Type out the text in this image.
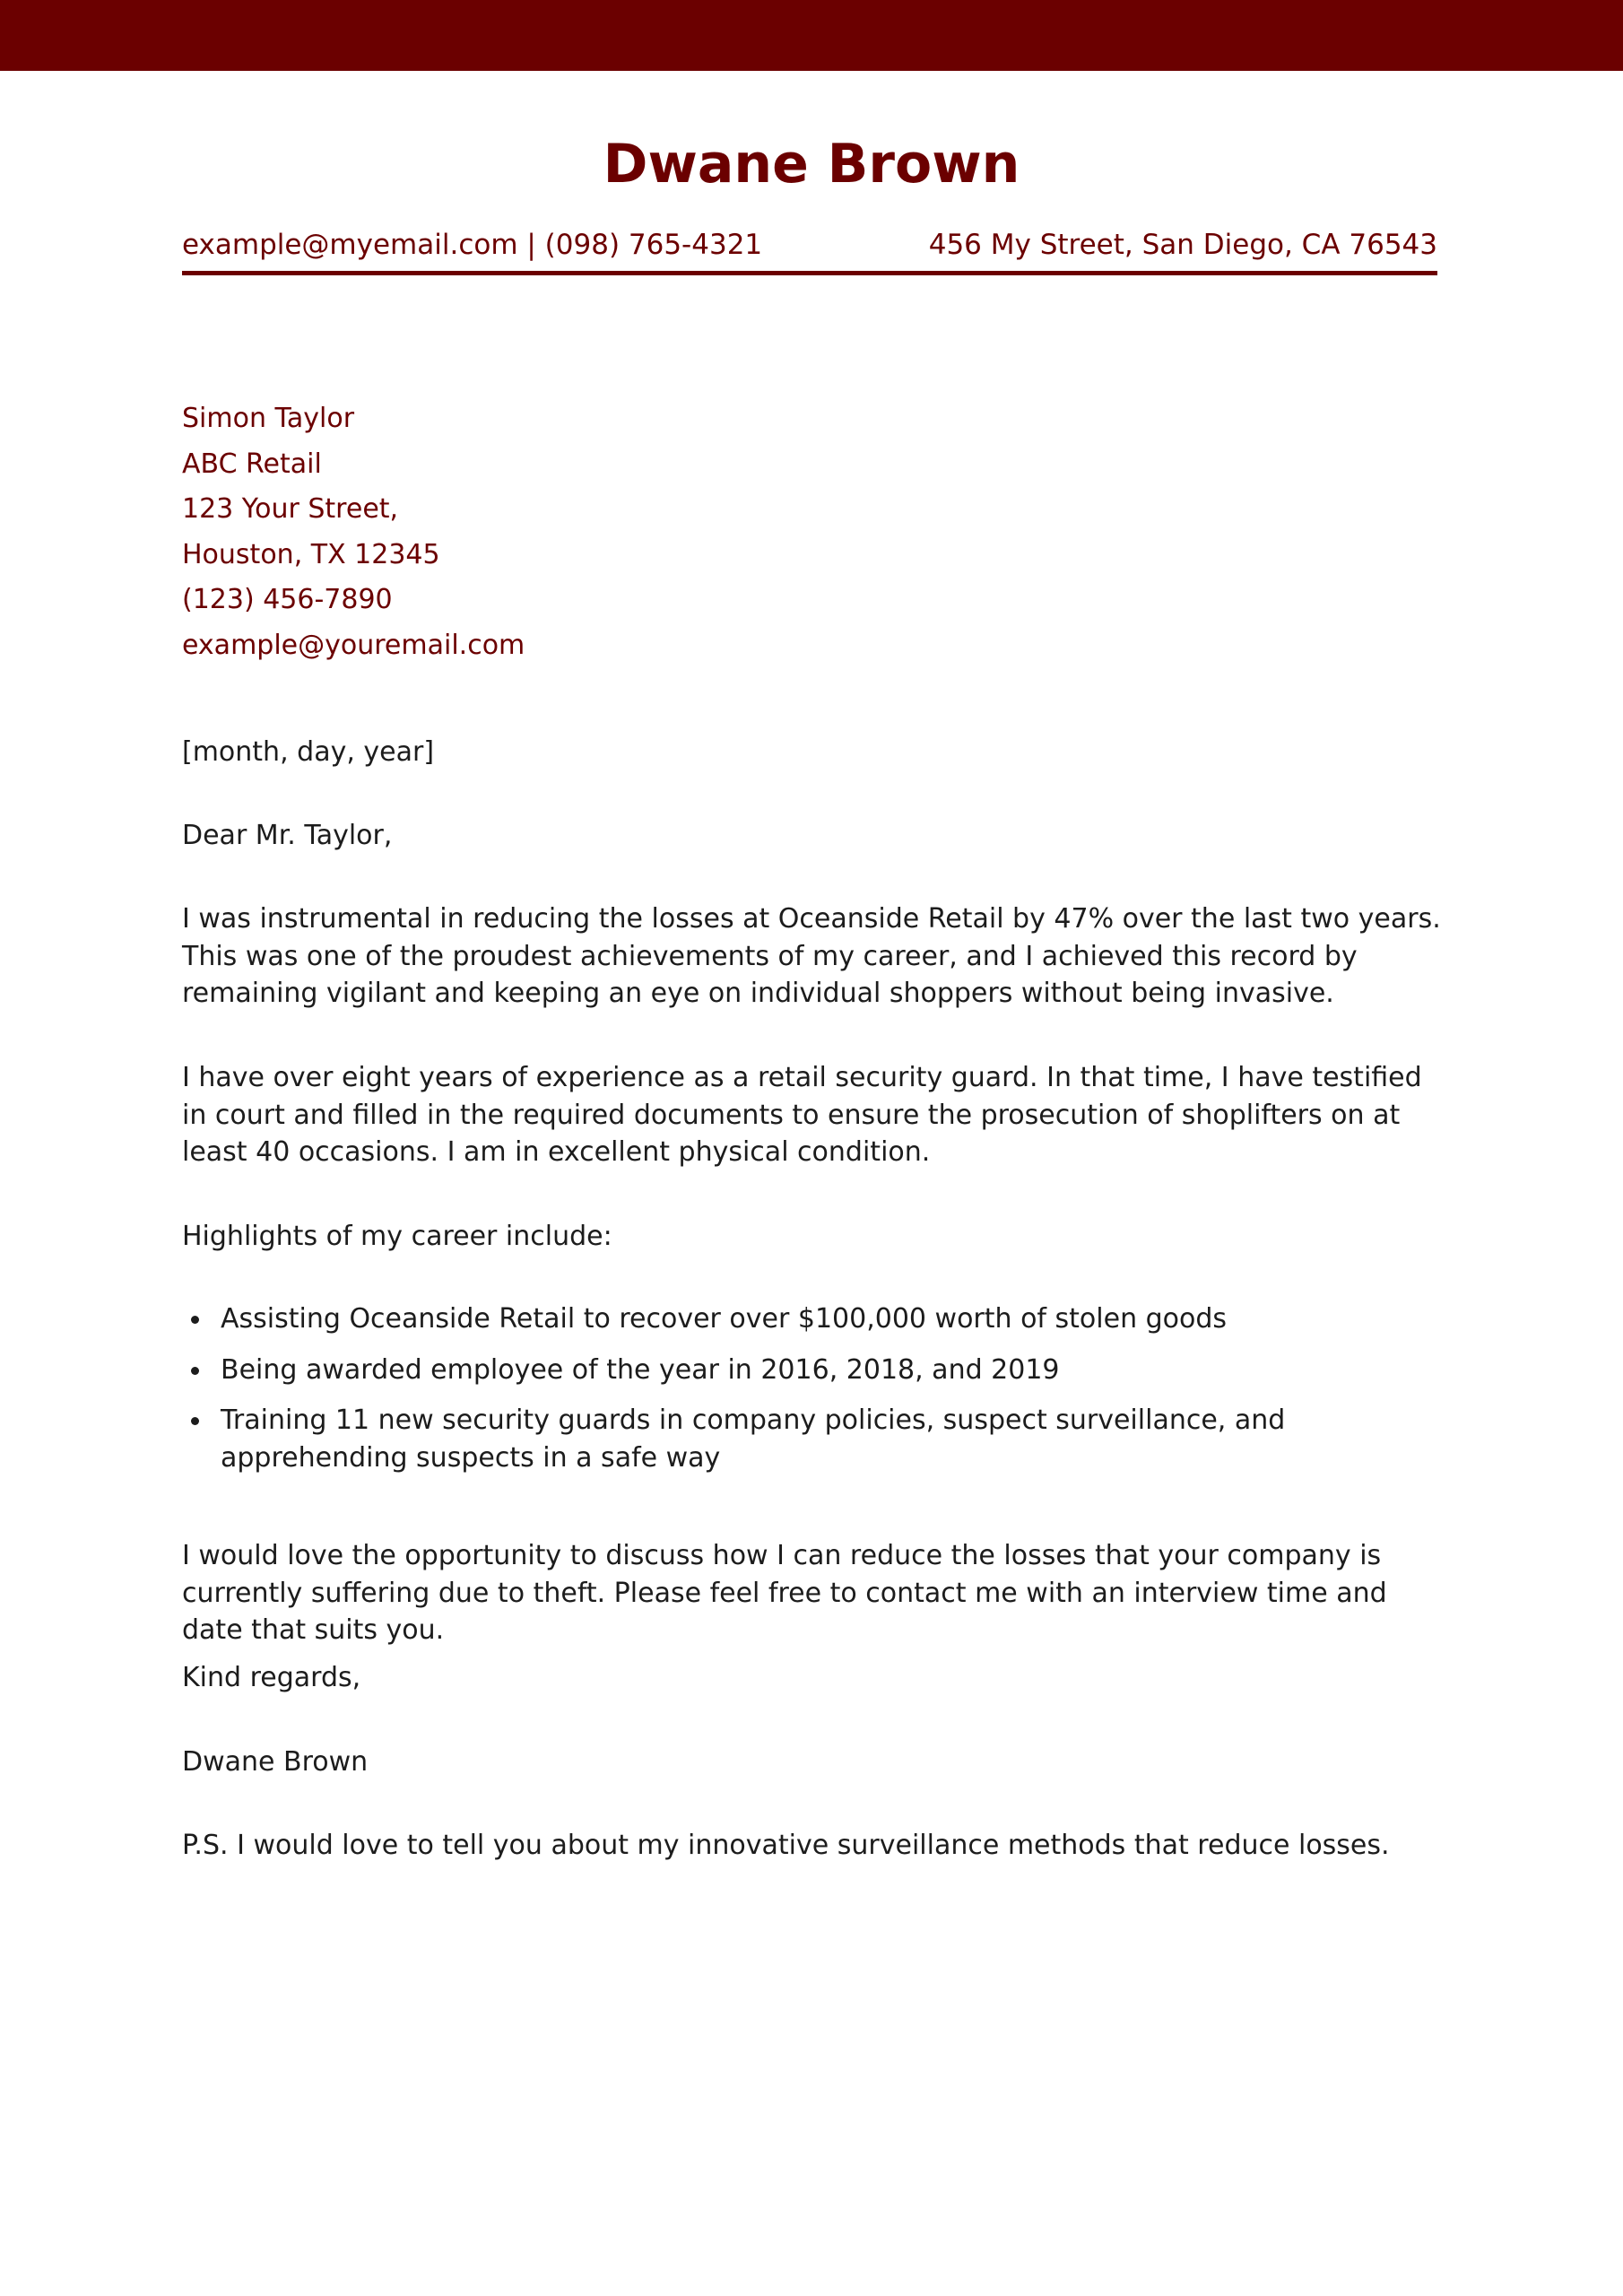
Dwane Brown
example@myemail.com | (098) 765-4321	456 My Street, San Diego, CA 76543
Simon Taylor
ABC Retail
123 Your Street,
Houston, TX 12345
(123) 456-7890
example@youremail.com

[month, day, year]

Dear Mr. Taylor,

I was instrumental in reducing the losses at Oceanside Retail by 47% over the last two years. This was one of the proudest achievements of my career, and I achieved this record by remaining vigilant and keeping an eye on individual shoppers without being invasive.

I have over eight years of experience as a retail security guard. In that time, I have testified in court and filled in the required documents to ensure the prosecution of shoplifters on at least 40 occasions. I am in excellent physical condition.

Highlights of my career include:

Assisting Oceanside Retail to recover over $100,000 worth of stolen goods
Being awarded employee of the year in 2016, 2018, and 2019
Training 11 new security guards in company policies, suspect surveillance, and apprehending suspects in a safe way

I would love the opportunity to discuss how I can reduce the losses that your company is currently suffering due to theft. Please feel free to contact me with an interview time and date that suits you.

Kind regards,

Dwane Brown

P.S. I would love to tell you about my innovative surveillance methods that reduce losses.
